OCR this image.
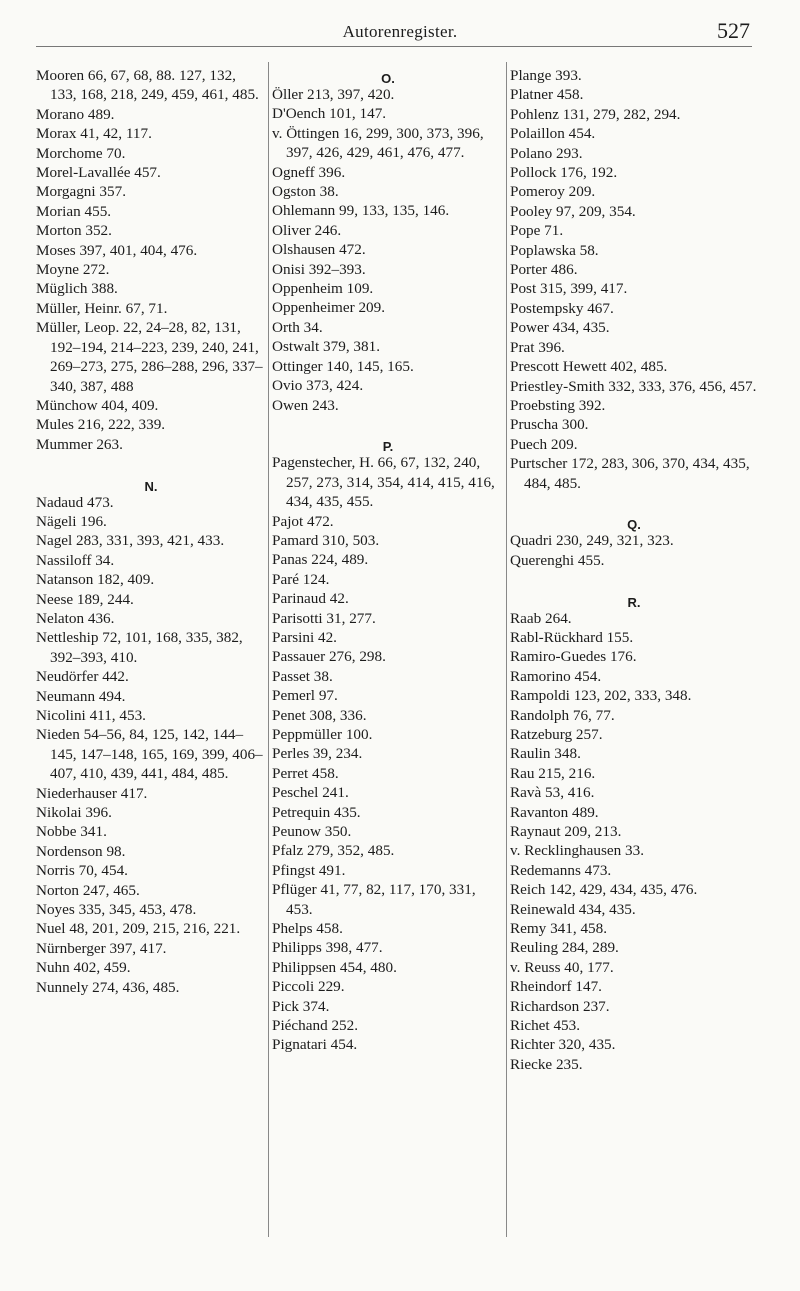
Autorenregister.	527
Mooren 66, 67, 68, 88. 127, 132, 133, 168, 218, 249, 459, 461, 485.
Morano 489.
Morax 41, 42, 117.
Morchome 70.
Morel-Lavallée 457.
Morgagni 357.
Morian 455.
Morton 352.
Moses 397, 401, 404, 476.
Moyne 272.
Müglich 388.
Müller, Heinr. 67, 71.
Müller, Leop. 22, 24–28, 82, 131, 192–194, 214–223, 239, 240, 241, 269–273, 275, 286–288, 296, 337–340, 387, 488
Münchow 404, 409.
Mules 216, 222, 339.
Mummer 263.
N.
Nadaud 473.
Nägeli 196.
Nagel 283, 331, 393, 421, 433.
Nassiloff 34.
Natanson 182, 409.
Neese 189, 244.
Nelaton 436.
Nettleship 72, 101, 168, 335, 382, 392–393, 410.
Neudörfer 442.
Neumann 494.
Nicolini 411, 453.
Nieden 54–56, 84, 125, 142, 144–145, 147–148, 165, 169, 399, 406–407, 410, 439, 441, 484, 485.
Niederhauser 417.
Nikolai 396.
Nobbe 341.
Nordenson 98.
Norris 70, 454.
Norton 247, 465.
Noyes 335, 345, 453, 478.
Nuel 48, 201, 209, 215, 216, 221.
Nürnberger 397, 417.
Nuhn 402, 459.
Nunnely 274, 436, 485.
O.
Öller 213, 397, 420.
D'Oench 101, 147.
v. Öttingen 16, 299, 300, 373, 396, 397, 426, 429, 461, 476, 477.
Ogneff 396.
Ogston 38.
Ohlemann 99, 133, 135, 146.
Oliver 246.
Olshausen 472.
Onisi 392–393.
Oppenheim 109.
Oppenheimer 209.
Orth 34.
Ostwalt 379, 381.
Ottinger 140, 145, 165.
Ovio 373, 424.
Owen 243.
P.
Pagenstecher, H. 66, 67, 132, 240, 257, 273, 314, 354, 414, 415, 416, 434, 435, 455.
Pajot 472.
Pamard 310, 503.
Panas 224, 489.
Paré 124.
Parinaud 42.
Parisotti 31, 277.
Parsini 42.
Passauer 276, 298.
Passet 38.
Pemerl 97.
Penet 308, 336.
Peppmüller 100.
Perles 39, 234.
Perret 458.
Peschel 241.
Petrequin 435.
Peunow 350.
Pfalz 279, 352, 485.
Pfingst 491.
Pflüger 41, 77, 82, 117, 170, 331, 453.
Phelps 458.
Philipps 398, 477.
Philippsen 454, 480.
Piccoli 229.
Pick 374.
Piéchand 252.
Pignatari 454.
Plange 393.
Platner 458.
Pohlenz 131, 279, 282, 294.
Polaillon 454.
Polano 293.
Pollock 176, 192.
Pomeroy 209.
Pooley 97, 209, 354.
Pope 71.
Poplawska 58.
Porter 486.
Post 315, 399, 417.
Postempsky 467.
Power 434, 435.
Prat 396.
Prescott Hewett 402, 485.
Priestley-Smith 332, 333, 376, 456, 457.
Proebsting 392.
Pruscha 300.
Puech 209.
Purtscher 172, 283, 306, 370, 434, 435, 484, 485.
Q.
Quadri 230, 249, 321, 323.
Querenghi 455.
R.
Raab 264.
Rabl-Rückhard 155.
Ramiro-Guedes 176.
Ramorino 454.
Rampoldi 123, 202, 333, 348.
Randolph 76, 77.
Ratzeburg 257.
Raulin 348.
Rau 215, 216.
Ravà 53, 416.
Ravanton 489.
Raynaut 209, 213.
v. Recklinghausen 33.
Redemanns 473.
Reich 142, 429, 434, 435, 476.
Reinewald 434, 435.
Remy 341, 458.
Reuling 284, 289.
v. Reuss 40, 177.
Rheindorf 147.
Richardson 237.
Richet 453.
Richter 320, 435.
Riecke 235.
